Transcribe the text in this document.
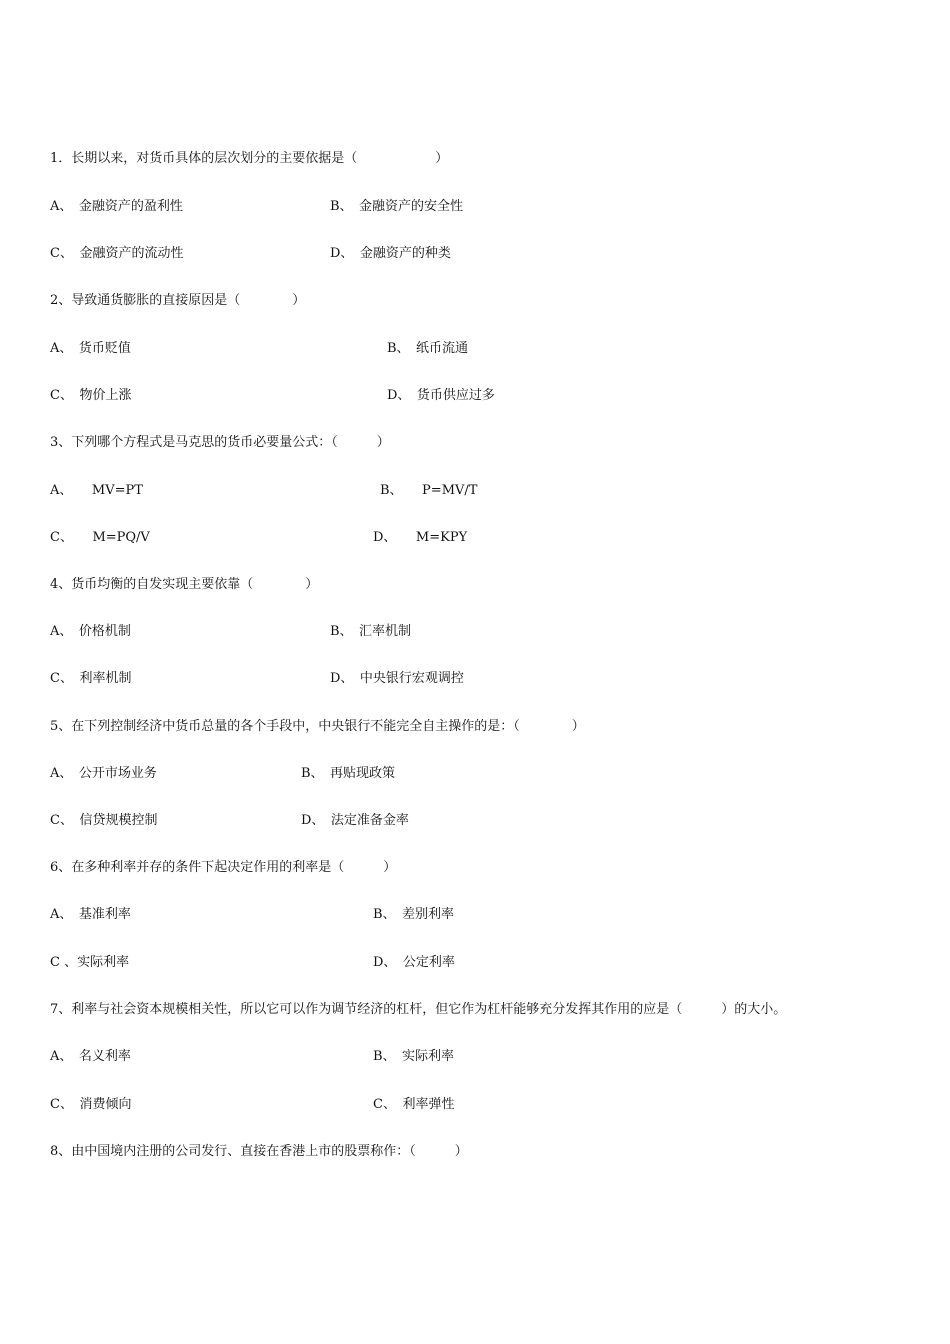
1．长期以来，对货币具体的层次划分的主要依据是（　　　　　　）
A、　金融资产的盈利性	B、　金融资产的安全性
C、　金融资产的流动性	D、　金融资产的种类
2、导致通货膨胀的直接原因是（　　　　）
A、　货币贬值	B、　纸币流通
C、　物价上涨	D、　货币供应过多
3、下列哪个方程式是马克思的货币必要量公式：（　　　）
A、　　MV=PT	B、　　P=MV/T
C、　　M=PQ/V	D、　　M=KPY
4、货币均衡的自发实现主要依靠（　　　　）
A、　价格机制	B、　汇率机制
C、　利率机制	D、　中央银行宏观调控
5、在下列控制经济中货币总量的各个手段中，中央银行不能完全自主操作的是：（　　　　）
A、　公开市场业务	B、　再贴现政策
C、　信贷规模控制	D、　法定准备金率
6、在多种利率并存的条件下起决定作用的利率是（　　　）
A、　基准利率	B、　差别利率
C 、实际利率	D、　公定利率
7、利率与社会资本规模相关性，所以它可以作为调节经济的杠杆，但它作为杠杆能够充分发挥其作用的应是（　　　）的大小。
A、　名义利率	B、　实际利率
C、　消费倾向	C、　利率弹性
8、由中国境内注册的公司发行、直接在香港上市的股票称作：（　　　）
